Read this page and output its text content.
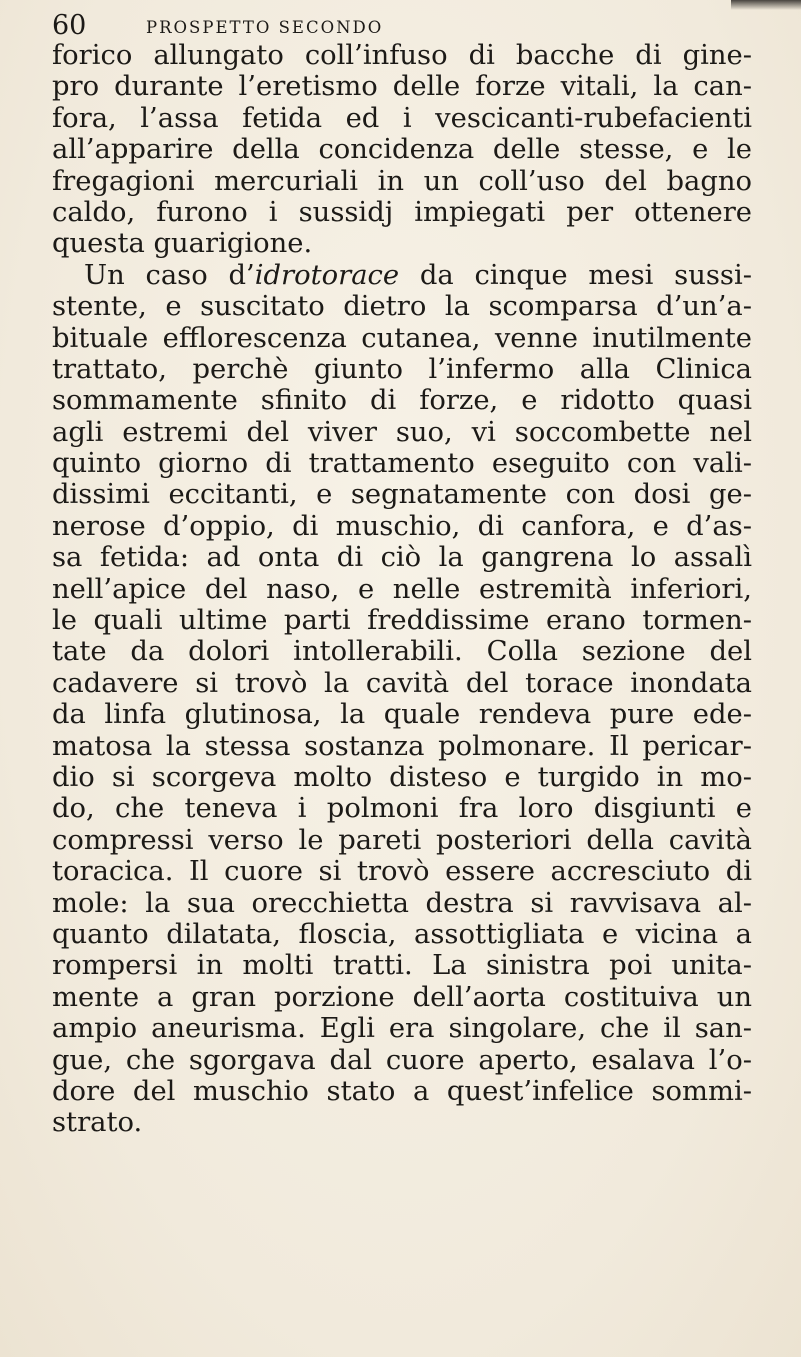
60	PROSPETTO SECONDO
forico allungato coll’infuso di bacche di gine-
pro durante l’eretismo delle forze vitali, la can-
fora, l’assa fetida ed i vescicanti-rubefacienti
all’apparire della concidenza delle stesse, e le
fregagioni mercuriali in un coll’uso del bagno
caldo, furono i sussidj impiegati per ottenere
questa guarigione.
Un caso d’idrotorace da cinque mesi sussi-
stente, e suscitato dietro la scomparsa d’un’a-
bituale efflorescenza cutanea, venne inutilmente
trattato, perchè giunto l’infermo alla Clinica
sommamente sfinito di forze, e ridotto quasi
agli estremi del viver suo, vi soccombette nel
quinto giorno di trattamento eseguito con vali-
dissimi eccitanti, e segnatamente con dosi ge-
nerose d’oppio, di muschio, di canfora, e d’as-
sa fetida: ad onta di ciò la gangrena lo assalì
nell’apice del naso, e nelle estremità inferiori,
le quali ultime parti freddissime erano tormen-
tate da dolori intollerabili. Colla sezione del
cadavere si trovò la cavità del torace inondata
da linfa glutinosa, la quale rendeva pure ede-
matosa la stessa sostanza polmonare. Il pericar-
dio si scorgeva molto disteso e turgido in mo-
do, che teneva i polmoni fra loro disgiunti e
compressi verso le pareti posteriori della cavità
toracica. Il cuore si trovò essere accresciuto di
mole: la sua orecchietta destra si ravvisava al-
quanto dilatata, floscia, assottigliata e vicina a
rompersi in molti tratti. La sinistra poi unita-
mente a gran porzione dell’aorta costituiva un
ampio aneurisma. Egli era singolare, che il san-
gue, che sgorgava dal cuore aperto, esalava l’o-
dore del muschio stato a quest’infelice sommi-
strato.
